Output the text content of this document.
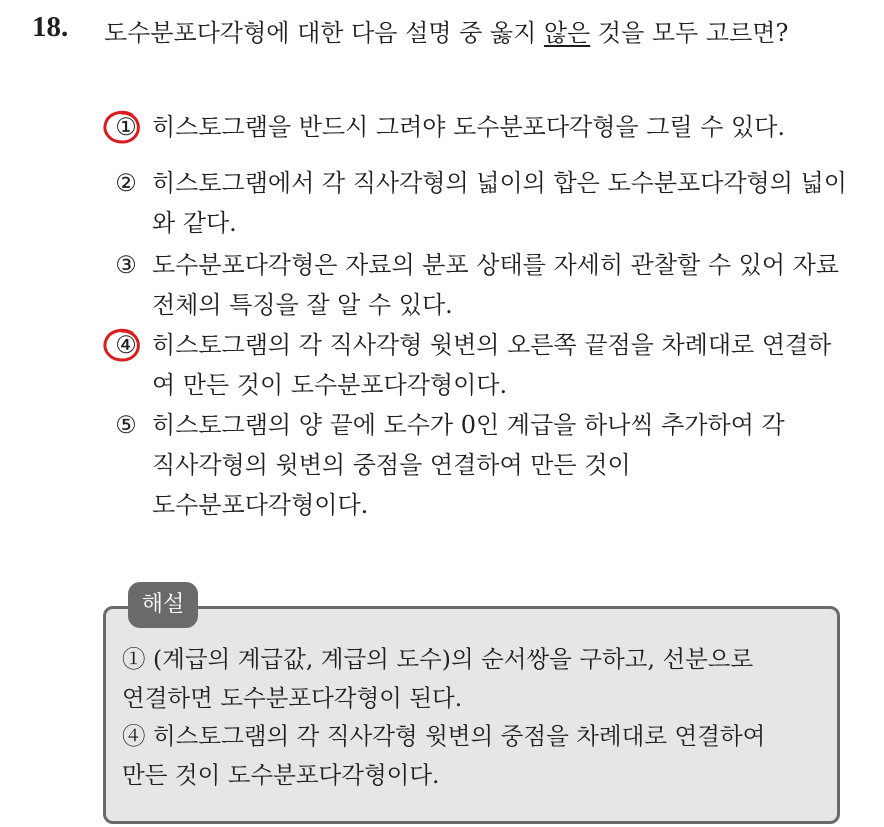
18. 도수분포다각형에 대한 다음 설명 중 옳지 않은 것을 모두 고르면?
① 히스토그램을 반드시 그려야 도수분포다각형을 그릴 수 있다.
② 히스토그램에서 각 직사각형의 넓이의 합은 도수분포다각형의 넓이와 같다.
③ 도수분포다각형은 자료의 분포 상태를 자세히 관찰할 수 있어 자료 전체의 특징을 잘 알 수 있다.
④ 히스토그램의 각 직사각형 윗변의 오른쪽 끝점을 차례대로 연결하여 만든 것이 도수분포다각형이다.
⑤ 히스토그램의 양 끝에 도수가 0인 계급을 하나씩 추가하여 각
직사각형의 윗변의 중점을 연결하여 만든 것이
도수분포다각형이다.
해설

① (계급의 계급값, 계급의 도수)의 순서쌍을 구하고, 선분으로

연결하면 도수분포다각형이 된다.

④ 히스토그램의 각 직사각형 윗변의 중점을 차례대로 연결하여

만든 것이 도수분포다각형이다.
